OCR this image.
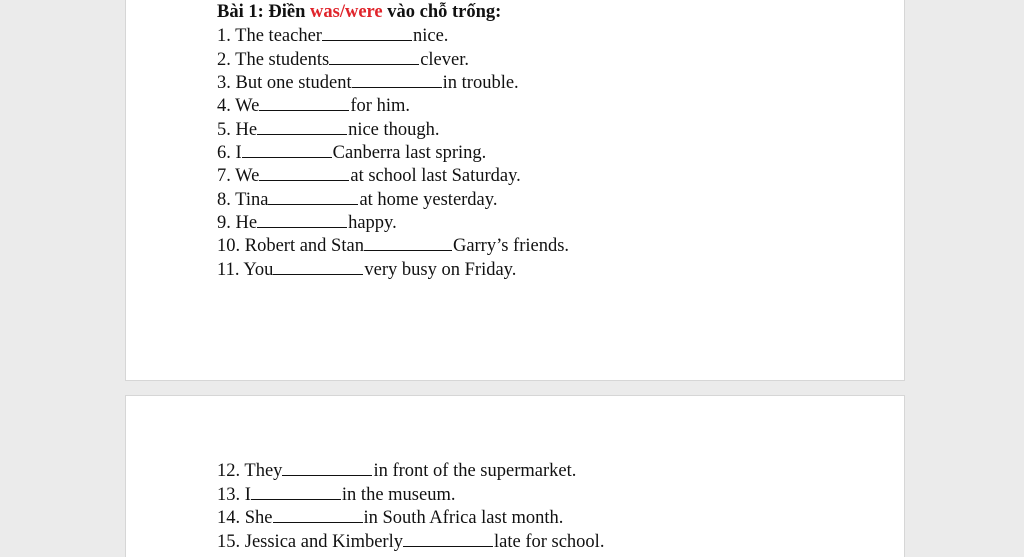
Bài 1: Điền was/were vào chỗ trống:
1. The teacher	nice.
2. The students	clever.
3. But one student	in trouble.
4. We	for him.
5. He	nice though.
6. I	Canberra last spring.
7. We	at school last Saturday.
8. Tina	at home yesterday.
9. He	happy.
10. Robert and Stan	Garry’s friends.
11. You	very busy on Friday.
12. They	in front of the supermarket.
13. I	in the museum.
14. She	in South Africa last month.
15. Jessica and Kimberly	late for school.
